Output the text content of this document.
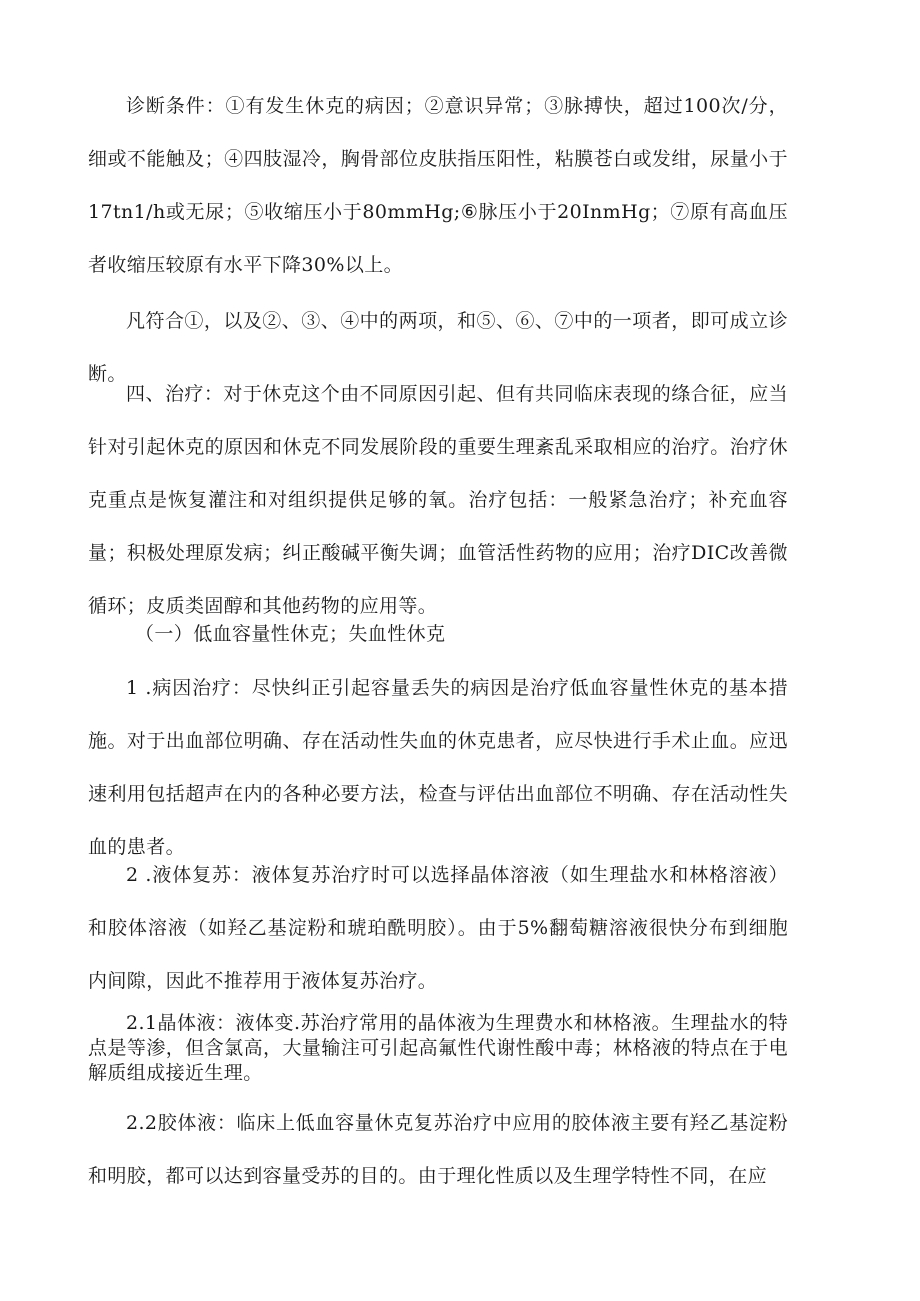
诊断条件：①有发生休克的病因；②意识异常；③脉搏快，超过100次/分，细或不能触及；④四肢湿冷，胸骨部位皮肤指压阳性，粘膜苍白或发绀，尿量小于17tn1/h或无尿；⑤收缩压小于80mmHg;⑥脉压小于20InmHg；⑦原有高血压者收缩压较原有水平下降30%以上。

凡符合①，以及②、③、④中的两项，和⑤、⑥、⑦中的一项者，即可成立诊断。

四、治疗：对于休克这个由不同原因引起、但有共同临床表现的绦合征，应当针对引起休克的原因和休克不同发展阶段的重要生理紊乱采取相应的治疗。治疗休克重点是恢复灌注和对组织提供足够的氧。治疗包括：一般紧急治疗；补充血容量；积极处理原发病；纠正酸碱平衡失调；血管活性药物的应用；治疗DIC改善微循环；皮质类固醇和其他药物的应用等。

（一）低血容量性休克；失血性休克

1 .病因治疗：尽快纠正引起容量丢失的病因是治疗低血容量性休克的基本措施。对于出血部位明确、存在活动性失血的休克患者，应尽快进行手术止血。应迅速利用包括超声在内的各种必要方法，检查与评估出血部位不明确、存在活动性失血的患者。

2 .液体复苏：液体复苏治疗时可以选择晶体溶液（如生理盐水和林格溶液）和胶体溶液（如羟乙基淀粉和琥珀酰明胶）。由于5%翻萄糖溶液很快分布到细胞内间隙，因此不推荐用于液体复苏治疗。

2.1晶体液：液体变.苏治疗常用的晶体液为生理费水和林格液。生理盐水的特点是等渗，但含氯高，大量输注可引起高氟性代谢性酸中毒；林格液的特点在于电解质组成接近生理。

2.2胶体液：临床上低血容量休克复苏治疗中应用的胶体液主要有羟乙基淀粉和明胶，都可以达到容量受苏的目的。由于理化性质以及生理学特性不同，在应
